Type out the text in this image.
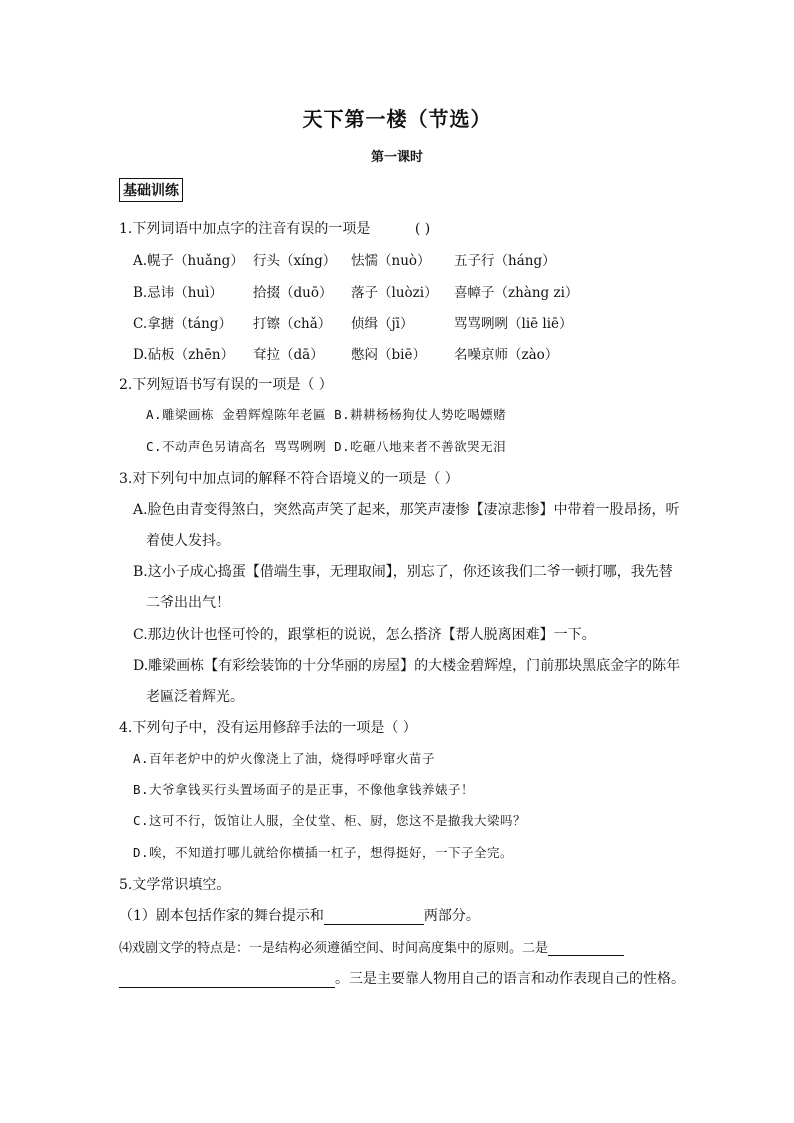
天下第一楼（节选）
第一课时
基础训练
1.下列词语中加点字的注音有误的一项是	( )
A.幌子（huǎng） 行头（xíng） 怯懦（nuò） 五子行（háng）
B.忌讳（huì） 拾掇（duō） 落子（luòzi） 喜幛子（zhàng zi）
C.拿搪（táng） 打镲（chǎ） 侦缉（jī）	骂骂咧咧（liē liē）
D.砧板（zhēn） 耷拉（dā） 憋闷（biē） 名噪京师（zào）
2.下列短语书写有误的一项是（ ）
A.雕梁画栋 金碧辉煌陈年老匾 B.耕耕杨杨狗仗人势吃喝嫖赌
C.不动声色另请高名 骂骂咧咧 D.吃砸八地来者不善欲哭无泪
3.对下列句中加点词的解释不符合语境义的一项是（ ）
A.脸色由青变得煞白，突然高声笑了起来，那笑声凄惨【凄凉悲惨】中带着一股昂扬，听
着使人发抖。
B.这小子成心捣蛋【借端生事，无理取闹】，别忘了，你还该我们二爷一顿打哪，我先替
二爷出出气！
C.那边伙计也怪可怜的，跟掌柜的说说，怎么搭济【帮人脱离困难】一下。
D.雕梁画栋【有彩绘装饰的十分华丽的房屋】的大楼金碧辉煌，门前那块黑底金字的陈年
老匾泛着辉光。
4.下列句子中，没有运用修辞手法的一项是（ ）
A.百年老炉中的炉火像浇上了油，烧得呼呼窜火苗子
B.大爷拿钱买行头置场面子的是正事，不像他拿钱养婊子！
C.这可不行，饭馆让人服，全仗堂、柜、厨，您这不是撤我大梁吗？
D.唉，不知道打哪儿就给你横插一杠子，想得挺好，一下子全完。
5.文学常识填空。
（1）剧本包括作家的舞台提示和	两部分。
⑷戏剧文学的特点是：一是结构必须遵循空间、时间高度集中的原则。二是
。三是主要靠人物用自己的语言和动作表现自己的性格。
